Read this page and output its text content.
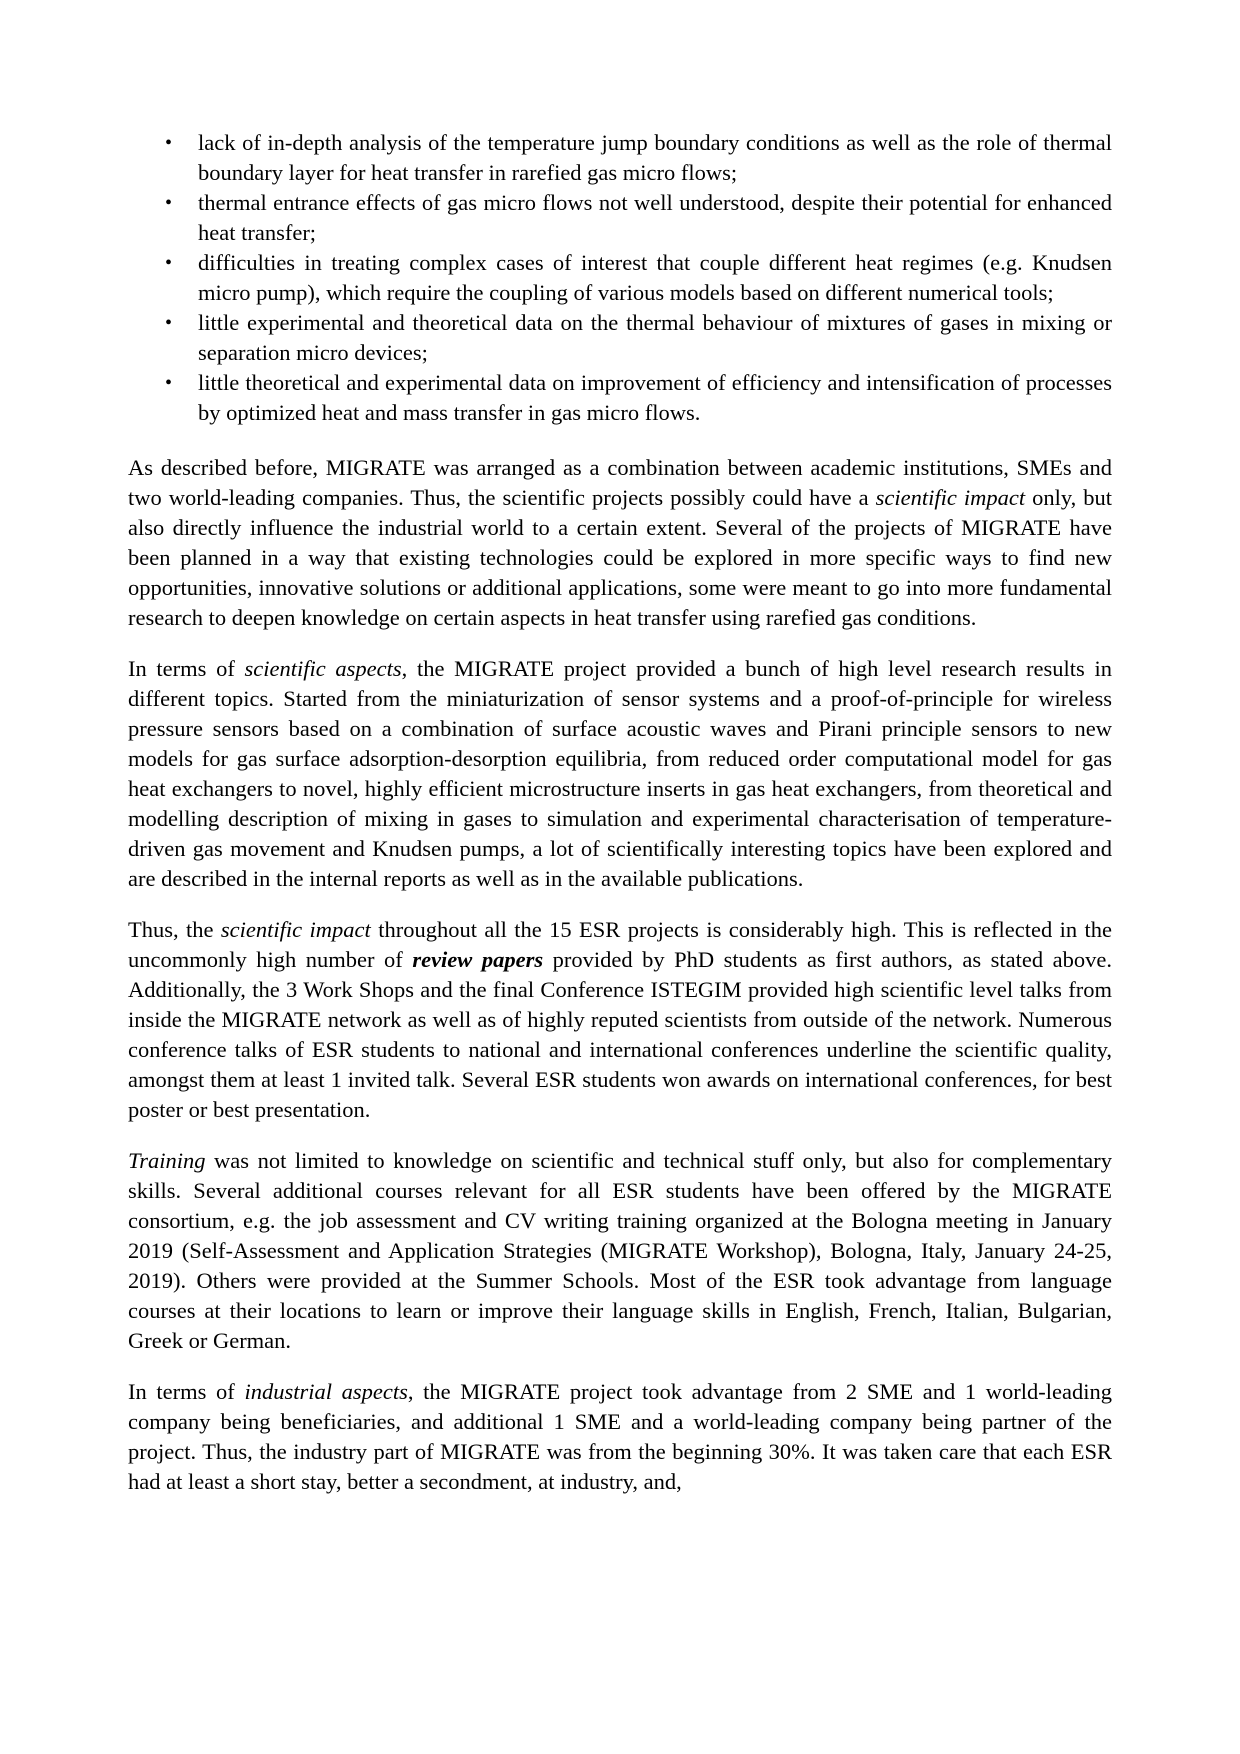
• lack of in-depth analysis of the temperature jump boundary conditions as well as the role of thermal boundary layer for heat transfer in rarefied gas micro flows;
• thermal entrance effects of gas micro flows not well understood, despite their potential for enhanced heat transfer;
• difficulties in treating complex cases of interest that couple different heat regimes (e.g. Knudsen micro pump), which require the coupling of various models based on different numerical tools;
• little experimental and theoretical data on the thermal behaviour of mixtures of gases in mixing or separation micro devices;
• little theoretical and experimental data on improvement of efficiency and intensification of processes by optimized heat and mass transfer in gas micro flows.

As described before, MIGRATE was arranged as a combination between academic institutions, SMEs and two world-leading companies. Thus, the scientific projects possibly could have a scientific impact only, but also directly influence the industrial world to a certain extent. Several of the projects of MIGRATE have been planned in a way that existing technologies could be explored in more specific ways to find new opportunities, innovative solutions or additional applications, some were meant to go into more fundamental research to deepen knowledge on certain aspects in heat transfer using rarefied gas conditions.

In terms of scientific aspects, the MIGRATE project provided a bunch of high level research results in different topics. Started from the miniaturization of sensor systems and a proof-of-principle for wireless pressure sensors based on a combination of surface acoustic waves and Pirani principle sensors to new models for gas surface adsorption-desorption equilibria, from reduced order computational model for gas heat exchangers to novel, highly efficient microstructure inserts in gas heat exchangers, from theoretical and modelling description of mixing in gases to simulation and experimental characterisation of temperature-driven gas movement and Knudsen pumps, a lot of scientifically interesting topics have been explored and are described in the internal reports as well as in the available publications.

Thus, the scientific impact throughout all the 15 ESR projects is considerably high. This is reflected in the uncommonly high number of review papers provided by PhD students as first authors, as stated above. Additionally, the 3 Work Shops and the final Conference ISTEGIM provided high scientific level talks from inside the MIGRATE network as well as of highly reputed scientists from outside of the network. Numerous conference talks of ESR students to national and international conferences underline the scientific quality, amongst them at least 1 invited talk. Several ESR students won awards on international conferences, for best poster or best presentation.

Training was not limited to knowledge on scientific and technical stuff only, but also for complementary skills. Several additional courses relevant for all ESR students have been offered by the MIGRATE consortium, e.g. the job assessment and CV writing training organized at the Bologna meeting in January 2019 (Self-Assessment and Application Strategies (MIGRATE Workshop), Bologna, Italy, January 24-25, 2019). Others were provided at the Summer Schools. Most of the ESR took advantage from language courses at their locations to learn or improve their language skills in English, French, Italian, Bulgarian, Greek or German.

In terms of industrial aspects, the MIGRATE project took advantage from 2 SME and 1 world-leading company being beneficiaries, and additional 1 SME and a world-leading company being partner of the project. Thus, the industry part of MIGRATE was from the beginning 30%. It was taken care that each ESR had at least a short stay, better a secondment, at industry, and,
